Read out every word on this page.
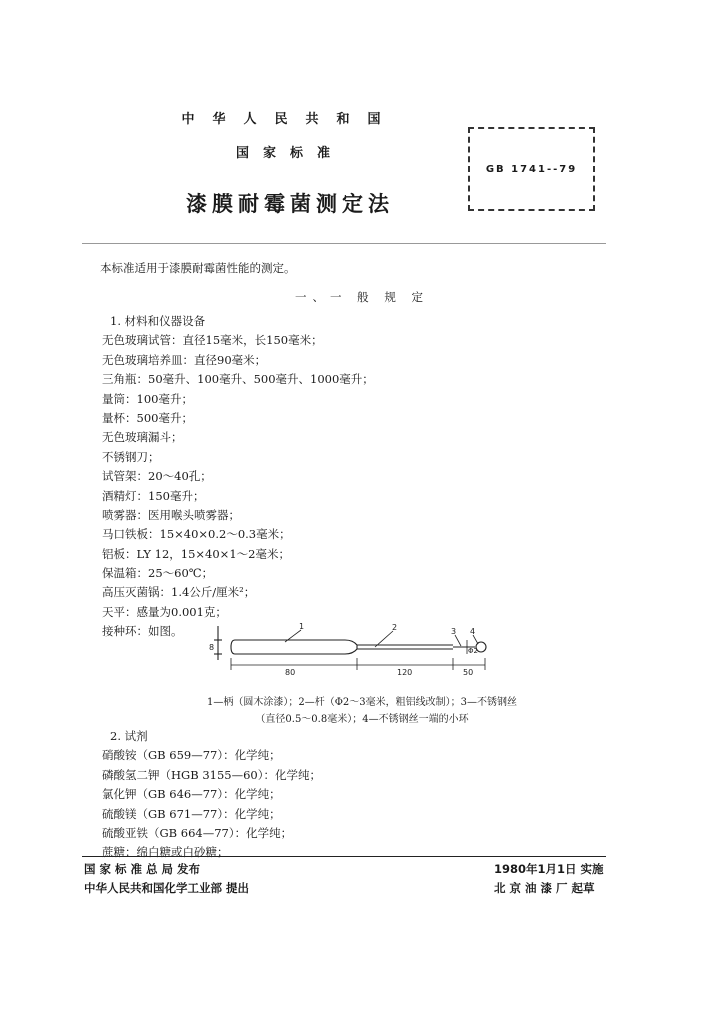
中华人民共和国
国家标准
漆膜耐霉菌测定法
GB 1741--79
本标准适用于漆膜耐霉菌性能的测定。
一、一 般 规 定
1. 材料和仪器设备
无色玻璃试管：直径15毫米，长150毫米；
无色玻璃培养皿：直径90毫米；
三角瓶：50毫升、100毫升、500毫升、1000毫升；
量筒：100毫升；
量杯：500毫升；
无色玻璃漏斗；
不锈钢刀；
试管架：20～40孔；
酒精灯：150毫升；
喷雾器：医用喉头喷雾器；
马口铁板：15×40×0.2～0.3毫米；
铝板：LY 12，15×40×1～2毫米；
保温箱：25～60℃；
高压灭菌锅：1.4公斤/厘米²；
天平：感量为0.001克；
接种环：如图。
8
1	2	3 4
Φ2
80	120	50
1—柄（圆木涂漆）；2—杆（Φ2～3毫米，粗铝线改制）；3—不锈钢丝
（直径0.5～0.8毫米）；4—不锈钢丝一端的小环
2. 试剂
硝酸铵（GB 659—77）：化学纯；
磷酸氢二钾（HGB 3155—60）：化学纯；
氯化钾（GB 646—77）：化学纯；
硫酸镁（GB 671—77）：化学纯；
硫酸亚铁（GB 664—77）：化学纯；
蔗糖：绵白糖或白砂糖；
国 家 标 准 总 局 发布
中华人民共和国化学工业部 提出
1980年1月1日 实施
北 京 油 漆 厂 起草
